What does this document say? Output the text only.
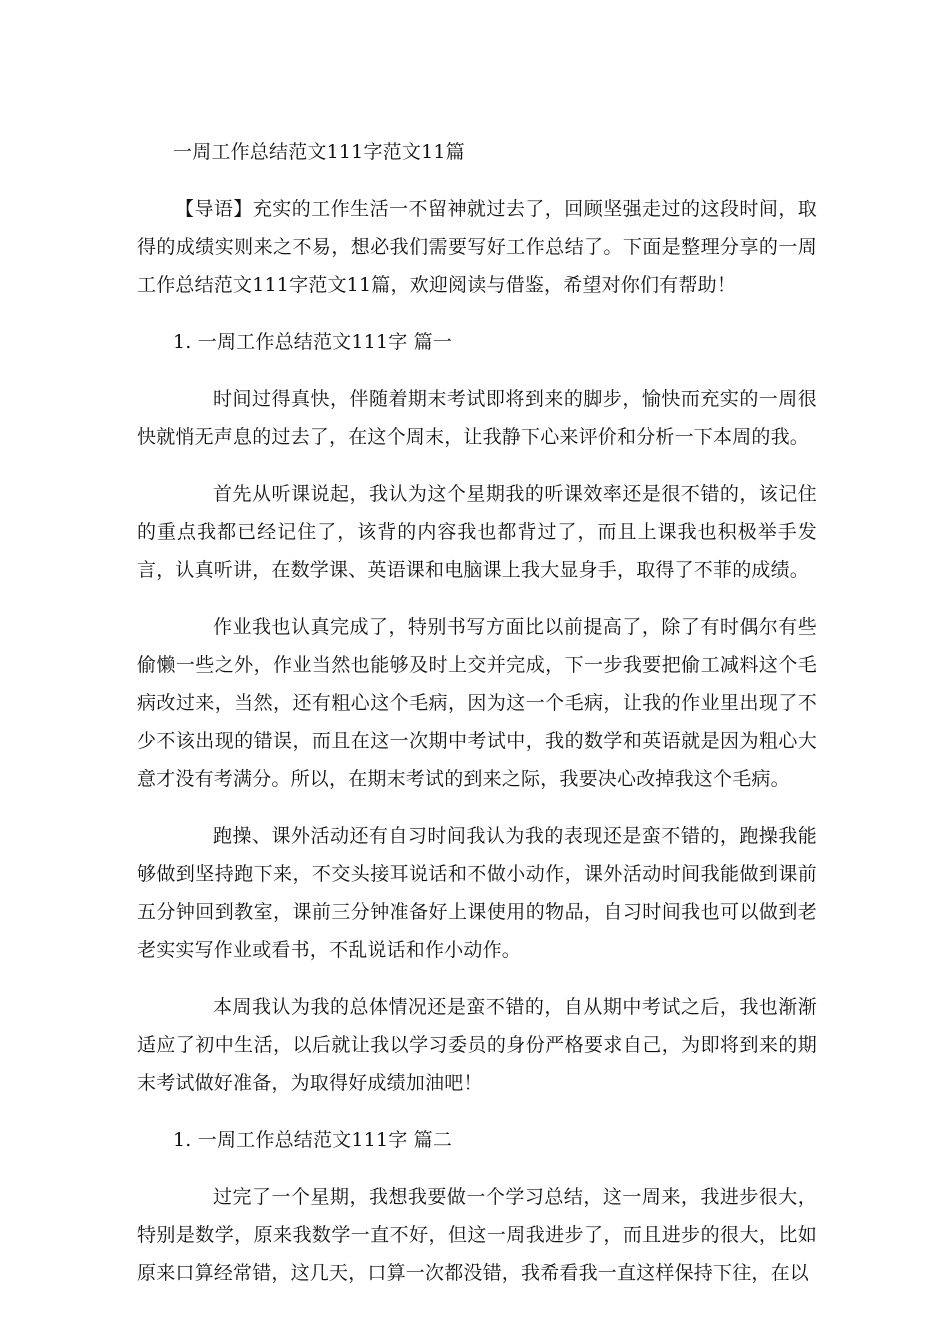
一周工作总结范文111字范文11篇

【导语】充实的工作生活一不留神就过去了，回顾坚强走过的这段时间，取得的成绩实则来之不易，想必我们需要写好工作总结了。下面是整理分享的一周工作总结范文111字范文11篇，欢迎阅读与借鉴，希望对你们有帮助！

1. 一周工作总结范文111字 篇一

时间过得真快，伴随着期末考试即将到来的脚步，愉快而充实的一周很快就悄无声息的过去了，在这个周末，让我静下心来评价和分析一下本周的我。

首先从听课说起，我认为这个星期我的听课效率还是很不错的，该记住的重点我都已经记住了，该背的内容我也都背过了，而且上课我也积极举手发言，认真听讲，在数学课、英语课和电脑课上我大显身手，取得了不菲的成绩。

作业我也认真完成了，特别书写方面比以前提高了，除了有时偶尔有些偷懒一些之外，作业当然也能够及时上交并完成，下一步我要把偷工减料这个毛病改过来，当然，还有粗心这个毛病，因为这一个毛病，让我的作业里出现了不少不该出现的错误，而且在这一次期中考试中，我的数学和英语就是因为粗心大意才没有考满分。所以，在期末考试的到来之际，我要决心改掉我这个毛病。

跑操、课外活动还有自习时间我认为我的表现还是蛮不错的，跑操我能够做到坚持跑下来，不交头接耳说话和不做小动作，课外活动时间我能做到课前五分钟回到教室，课前三分钟准备好上课使用的物品，自习时间我也可以做到老老实实写作业或看书，不乱说话和作小动作。

本周我认为我的总体情况还是蛮不错的，自从期中考试之后，我也渐渐适应了初中生活，以后就让我以学习委员的身份严格要求自己，为即将到来的期末考试做好准备，为取得好成绩加油吧！

1. 一周工作总结范文111字 篇二

过完了一个星期，我想我要做一个学习总结，这一周来，我进步很大，特别是数学，原来我数学一直不好，但这一周我进步了，而且进步的很大，比如原来口算经常错，这几天，口算一次都没错，我希看我一直这样保持下往，在以
